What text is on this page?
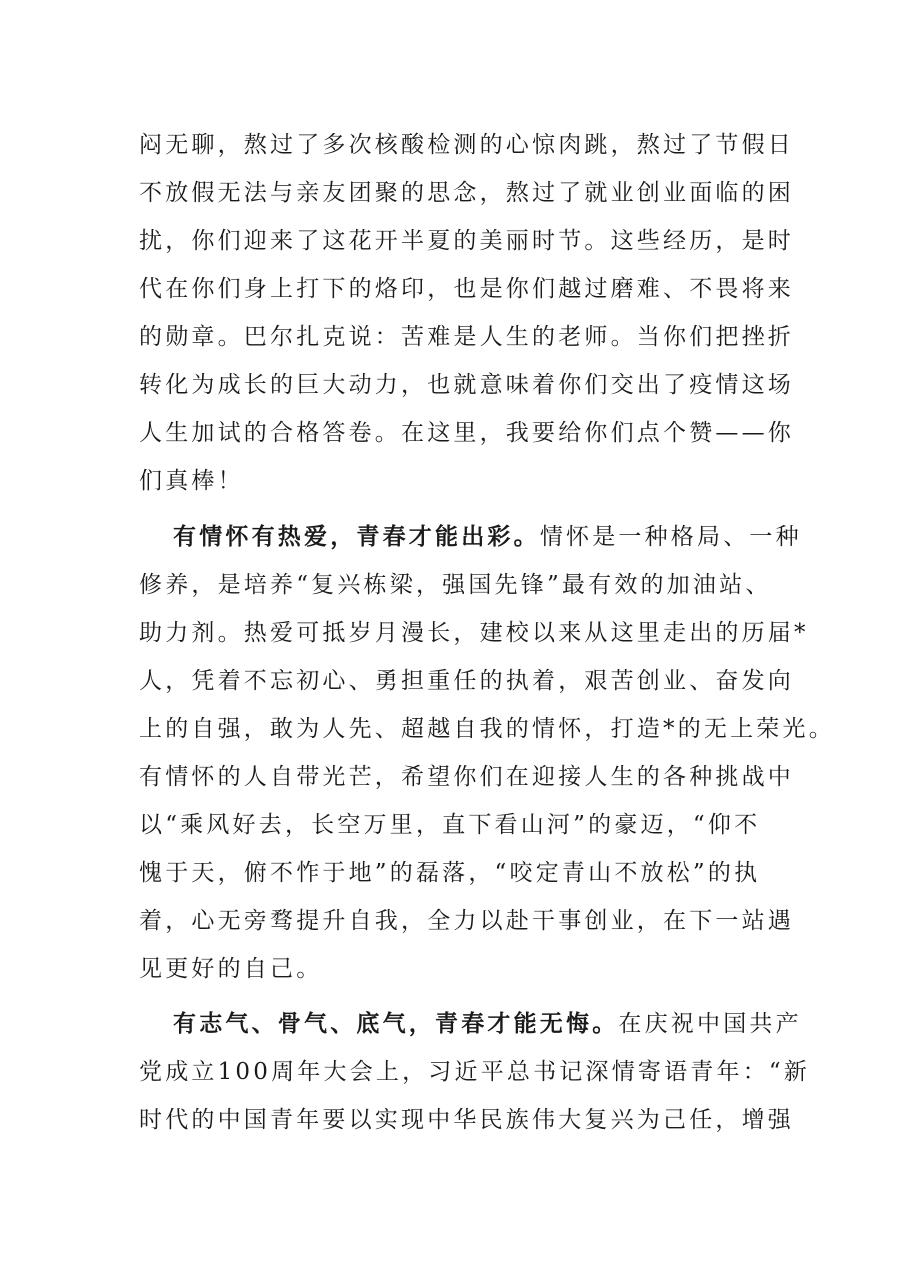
闷无聊，熬过了多次核酸检测的心惊肉跳，熬过了节假日
不放假无法与亲友团聚的思念，熬过了就业创业面临的困
扰，你们迎来了这花开半夏的美丽时节。这些经历，是时
代在你们身上打下的烙印，也是你们越过磨难、不畏将来
的勋章。巴尔扎克说：苦难是人生的老师。当你们把挫折
转化为成长的巨大动力，也就意味着你们交出了疫情这场
人生加试的合格答卷。在这里，我要给你们点个赞——你
们真棒！
有情怀有热爱，青春才能出彩。情怀是一种格局、一种
修养，是培养“复兴栋梁，强国先锋”最有效的加油站、
助力剂。热爱可抵岁月漫长，建校以来从这里走出的历届*
人，凭着不忘初心、勇担重任的执着，艰苦创业、奋发向
上的自强，敢为人先、超越自我的情怀，打造*的无上荣光。
有情怀的人自带光芒，希望你们在迎接人生的各种挑战中
以“乘风好去，长空万里，直下看山河”的豪迈，“仰不
愧于天，俯不怍于地”的磊落，“咬定青山不放松”的执
着，心无旁骛提升自我，全力以赴干事创业，在下一站遇
见更好的自己。
有志气、骨气、底气，青春才能无悔。在庆祝中国共产
党成立100周年大会上，习近平总书记深情寄语青年：“新
时代的中国青年要以实现中华民族伟大复兴为己任，增强
